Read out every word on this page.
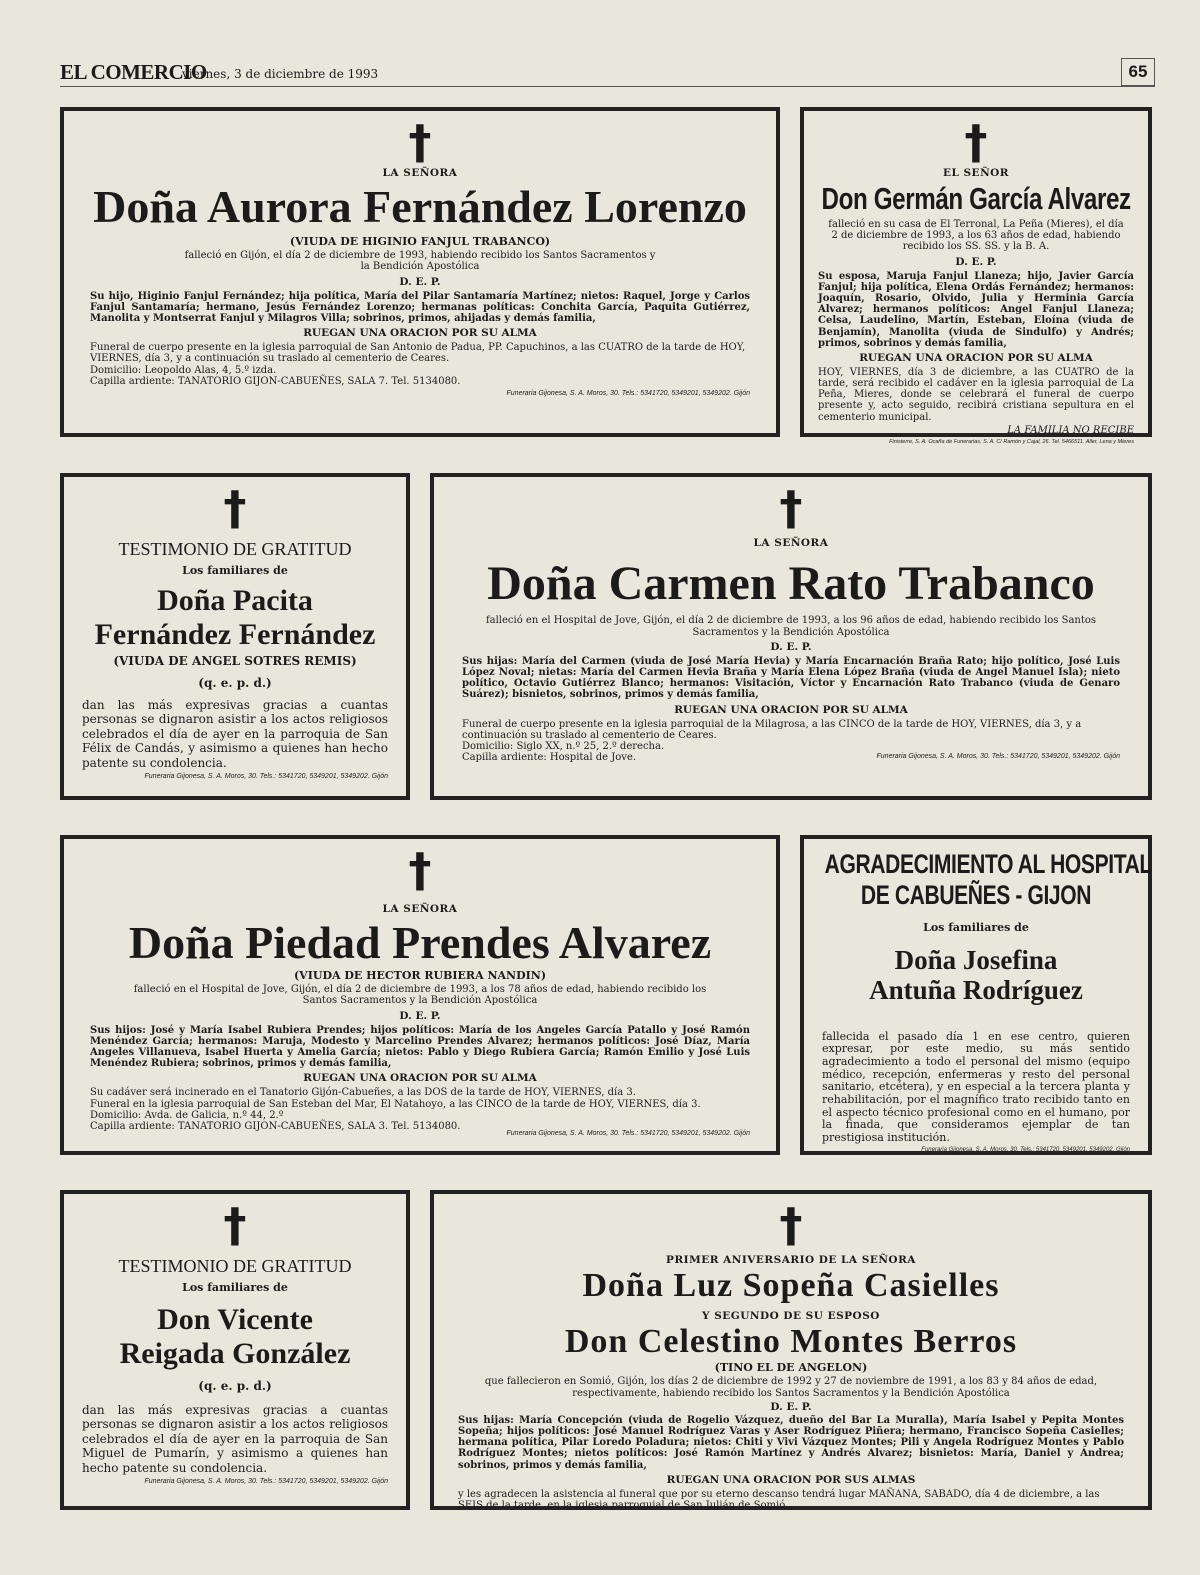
EL COMERCIO
viernes, 3 de diciembre de 1993	65
†
LA SEÑORA
Doña Aurora Fernández Lorenzo
(VIUDA DE HIGINIO FANJUL TRABANCO)
falleció en Gijón, el día 2 de diciembre de 1993, habiendo recibido los Santos Sacramentos y la Bendición Apostólica
D. E. P.
Su hijo, Higinio Fanjul Fernández; hija política, María del Pilar Santamaría Martínez; nietos: Raquel, Jorge y Carlos Fanjul Santamaría; hermano, Jesús Fernández Lorenzo; hermanas políticas: Conchita García, Paquita Gutiérrez, Manolita y Montserrat Fanjul y Milagros Villa; sobrinos, primos, ahijadas y demás familia,
RUEGAN UNA ORACION POR SU ALMA
Funeral de cuerpo presente en la iglesia parroquial de San Antonio de Padua, PP. Capuchinos, a las CUATRO de la tarde de HOY, VIERNES, día 3, y a continuación su traslado al cementerio de Ceares.
Domicilio: Leopoldo Alas, 4, 5.º izda.
Capilla ardiente: TANATORIO GIJON-CABUEÑES, SALA 7. Tel. 5134080.
Funeraria Gijonesa, S. A. Moros, 30. Tels.: 5341720, 5349201, 5349202. Gijón
†
EL SEÑOR
Don Germán García Alvarez
falleció en su casa de El Terronal, La Peña (Mieres), el día 2 de diciembre de 1993, a los 63 años de edad, habiendo recibido los SS. SS. y la B. A.
D. E. P.
Su esposa, Maruja Fanjul Llaneza; hijo, Javier García Fanjul; hija política, Elena Ordás Fernández; hermanos: Joaquín, Rosario, Olvido, Julia y Herminia García Alvarez; hermanos políticos: Angel Fanjul Llaneza; Celsa, Laudelino, Martín, Esteban, Eloína (viuda de Benjamín), Manolita (viuda de Sindulfo) y Andrés; primos, sobrinos y demás familia,
RUEGAN UNA ORACION POR SU ALMA
HOY, VIERNES, día 3 de diciembre, a las CUATRO de la tarde, será recibido el cadáver en la iglesia parroquial de La Peña, Mieres, donde se celebrará el funeral de cuerpo presente y, acto seguido, recibirá cristiana sepultura en el cementerio municipal.
LA FAMILIA NO RECIBE
Finisterre, S. A. Ocaña de Funerarias, S. A. C/ Ramón y Cajal, 26. Tel. 5466511. Aller, Lena y Mieres
†
TESTIMONIO DE GRATITUD
Los familiares de
Doña Pacita
Fernández Fernández
(VIUDA DE ANGEL SOTRES REMIS)
(q. e. p. d.)
dan las más expresivas gracias a cuantas personas se dignaron asistir a los actos religiosos celebrados el día de ayer en la parroquia de San Félix de Candás, y asimismo a quienes han hecho patente su condolencia.
Funeraria Gijonesa, S. A. Moros, 30. Tels.: 5341720, 5349201, 5349202. Gijón
†
LA SEÑORA
Doña Carmen Rato Trabanco
falleció en el Hospital de Jove, Gijón, el día 2 de diciembre de 1993, a los 96 años de edad, habiendo recibido los Santos Sacramentos y la Bendición Apostólica
D. E. P.
Sus hijas: María del Carmen (viuda de José María Hevia) y María Encarnación Braña Rato; hijo político, José Luis López Noval; nietas: María del Carmen Hevia Braña y María Elena López Braña (viuda de Angel Manuel Isla); nieto político, Octavio Gutiérrez Blanco; hermanos: Visitación, Víctor y Encarnación Rato Trabanco (viuda de Genaro Suárez); bisnietos, sobrinos, primos y demás familia,
RUEGAN UNA ORACION POR SU ALMA
Funeral de cuerpo presente en la iglesia parroquial de la Milagrosa, a las CINCO de la tarde de HOY, VIERNES, día 3, y a continuación su traslado al cementerio de Ceares.
Domicilio: Siglo XX, n.º 25, 2.º derecha.
Capilla ardiente: Hospital de Jove.	Funeraria Gijonesa, S. A. Moros, 30. Tels.: 5341720, 5349201, 5349202. Gijón
†
LA SEÑORA
Doña Piedad Prendes Alvarez
(VIUDA DE HECTOR RUBIERA NANDIN)
falleció en el Hospital de Jove, Gijón, el día 2 de diciembre de 1993, a los 78 años de edad, habiendo recibido los Santos Sacramentos y la Bendición Apostólica
D. E. P.
Sus hijos: José y María Isabel Rubiera Prendes; hijos políticos: María de los Angeles García Patallo y José Ramón Menéndez García; hermanos: Maruja, Modesto y Marcelino Prendes Alvarez; hermanos políticos: José Díaz, María Angeles Villanueva, Isabel Huerta y Amelia García; nietos: Pablo y Diego Rubiera García; Ramón Emilio y José Luis Menéndez Rubiera; sobrinos, primos y demás familia,
RUEGAN UNA ORACION POR SU ALMA
Su cadáver será incinerado en el Tanatorio Gijón-Cabueñes, a las DOS de la tarde de HOY, VIERNES, día 3.
Funeral en la iglesia parroquial de San Esteban del Mar, El Natahoyo, a las CINCO de la tarde de HOY, VIERNES, día 3.
Domicilio: Avda. de Galicia, n.º 44, 2.º
Capilla ardiente: TANATORIO GIJON-CABUEÑES, SALA 3. Tel. 5134080.
Funeraria Gijonesa, S. A. Moros, 30. Tels.: 5341720, 5349201, 5349202. Gijón
AGRADECIMIENTO AL HOSPITAL
DE CABUEÑES - GIJON
Los familiares de
Doña Josefina
Antuña Rodríguez
fallecida el pasado día 1 en ese centro, quieren expresar, por este medio, su más sentido agradecimiento a todo el personal del mismo (equipo médico, recepción, enfermeras y resto del personal sanitario, etcétera), y en especial a la tercera planta y rehabilitación, por el magnífico trato recibido tanto en el aspecto técnico profesional como en el humano, por la finada, que consideramos ejemplar de tan prestigiosa institución.
Funeraria Gijonesa, S. A. Moros, 30. Tels.: 5341720, 5349201, 5349202. Gijón
†
TESTIMONIO DE GRATITUD
Los familiares de
Don Vicente
Reigada González
(q. e. p. d.)
dan las más expresivas gracias a cuantas personas se dignaron asistir a los actos religiosos celebrados el día de ayer en la parroquia de San Miguel de Pumarín, y asimismo a quienes han hecho patente su condolencia.
Funeraria Gijonesa, S. A. Moros, 30. Tels.: 5341720, 5349201, 5349202. Gijón
†
PRIMER ANIVERSARIO DE LA SEÑORA
Doña Luz Sopeña Casielles
Y SEGUNDO DE SU ESPOSO
Don Celestino Montes Berros
(TINO EL DE ANGELON)
que fallecieron en Somió, Gijón, los días 2 de diciembre de 1992 y 27 de noviembre de 1991, a los 83 y 84 años de edad, respectivamente, habiendo recibido los Santos Sacramentos y la Bendición Apostólica
D. E. P.
Sus hijas: María Concepción (viuda de Rogelio Vázquez, dueño del Bar La Muralla), María Isabel y Pepita Montes Sopeña; hijos políticos: José Manuel Rodríguez Varas y Aser Rodríguez Piñera; hermano, Francisco Sopeña Casielles; hermana política, Pilar Loredo Poladura; nietos: Chiti y Vivi Vázquez Montes; Pili y Angela Rodríguez Montes y Pablo Rodríguez Montes; nietos políticos: José Ramón Martínez y Andrés Alvarez; bisnietos: María, Daniel y Andrea; sobrinos, primos y demás familia,
RUEGAN UNA ORACION POR SUS ALMAS
y les agradecen la asistencia al funeral que por su eterno descanso tendrá lugar MAÑANA, SABADO, día 4 de diciembre, a las SEIS de la tarde, en la iglesia parroquial de San Julián de Somió.
